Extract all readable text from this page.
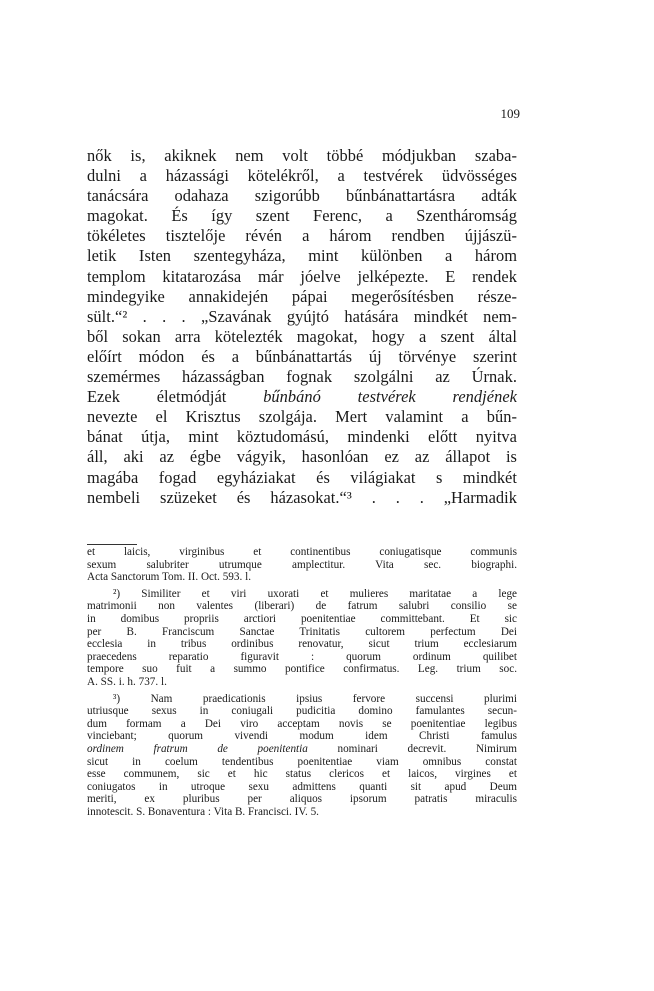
109
nők is, akiknek nem volt többé módjukban szaba-
dulni a házassági kötelékről, a testvérek üdvösséges
tanácsára odahaza szigorúbb bűnbánattartásra adták
magokat. És így szent Ferenc, a Szentháromság
tökéletes tisztelője révén a három rendben újjászü-
letik Isten szentegyháza, mint különben a három
templom kitatarozása már jóelve jelképezte. E rendek
mindegyike annakidején pápai megerősítésben része-
sült.“² . . . „Szavának gyújtó hatására mindkét nem-
ből sokan arra kötelezték magokat, hogy a szent által
előírt módon és a bűnbánattartás új törvénye szerint
szemérmes házasságban fognak szolgálni az Úrnak.
Ezek életmódját bűnbánó testvérek rendjének
nevezte el Krisztus szolgája. Mert valamint a bűn-
bánat útja, mint köztudomású, mindenki előtt nyitva
áll, aki az égbe vágyik, hasonlóan ez az állapot is
magába fogad egyháziakat és világiakat s mindkét
nembeli szüzeket és házasokat.“³ . . . „Harmadik
et laicis, virginibus et continentibus coniugatisque communis
sexum salubriter utrumque amplectitur. Vita sec. biographi.
Acta Sanctorum Tom. II. Oct. 593. l.
²) Similiter et viri uxorati et mulieres maritatae a lege
matrimonii non valentes (liberari) de fatrum salubri consilio se
in domibus propriis arctiori poenitentiae committebant. Et sic
per B. Franciscum Sanctae Trinitatis cultorem perfectum Dei
ecclesia in tribus ordinibus renovatur, sicut trium ecclesiarum
praecedens reparatio figuravit : quorum ordinum quilibet
tempore suo fuit a summo pontifice confirmatus. Leg. trium soc.
A. SS. i. h. 737. l.
³) Nam praedicationis ipsius fervore succensi plurimi
utriusque sexus in coniugali pudicitia domino famulantes secun-
dum formam a Dei viro acceptam novis se poenitentiae legibus
vinciebant; quorum vivendi modum idem Christi famulus
ordinem fratrum de poenitentia nominari decrevit. Nimirum
sicut in coelum tendentibus poenitentiae viam omnibus constat
esse communem, sic et hic status clericos et laicos, virgines et
coniugatos in utroque sexu admittens quanti sit apud Deum
meriti, ex pluribus per aliquos ipsorum patratis miraculis
innotescit. S. Bonaventura : Vita B. Francisci. IV. 5.
